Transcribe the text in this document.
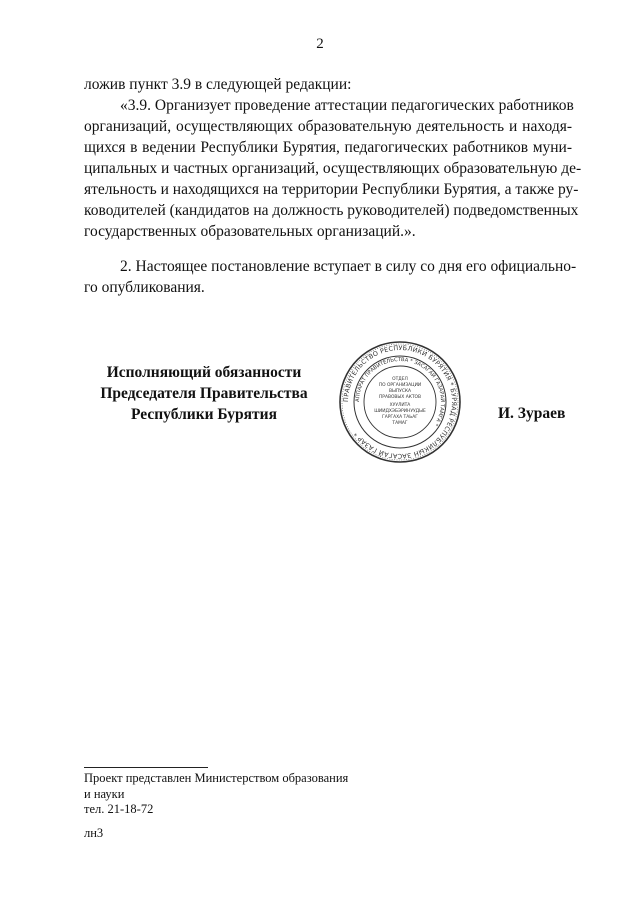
2
ложив пункт 3.9 в следующей редакции:
«3.9. Организует проведение аттестации педагогических работников
организаций, осуществляющих образовательную деятельность и находя-
щихся в ведении Республики Бурятия, педагогических работников муни-
ципальных и частных организаций, осуществляющих образовательную де-
ятельность и находящихся на территории Республики Бурятия, а также ру-
ководителей (кандидатов на должность руководителей) подведомственных
государственных образовательных организаций.».
2. Настоящее постановление вступает в силу со дня его официально-
го опубликования.
Исполняющий обязанности
Председателя Правительства
Республики Бурятия
ПРАВИТЕЛЬСТВО РЕСПУБЛИКИ БУРЯТИЯ * БУРЯАД РЕСПУБЛИКЫН ЗАСАГАЙ ГАЗАР *
АППАРАТ ПРАВИТЕЛЬСТВА * ЗАСАГАЙ ГАЗАРАЙ ТАМГА *
ОТДЕЛ
ПО ОРГАНИЗАЦИИ
ВЫПУСКА
ПРАВОВЫХ АКТОВ
ХУУЛИТА
ШИИДХЭБЭРИНУУДЫЕ
ГАРГАХА ТАЬАГ
ТАМАГ
И. Зураев
Проект представлен Министерством образования
и науки
тел. 21-18-72
лн3
